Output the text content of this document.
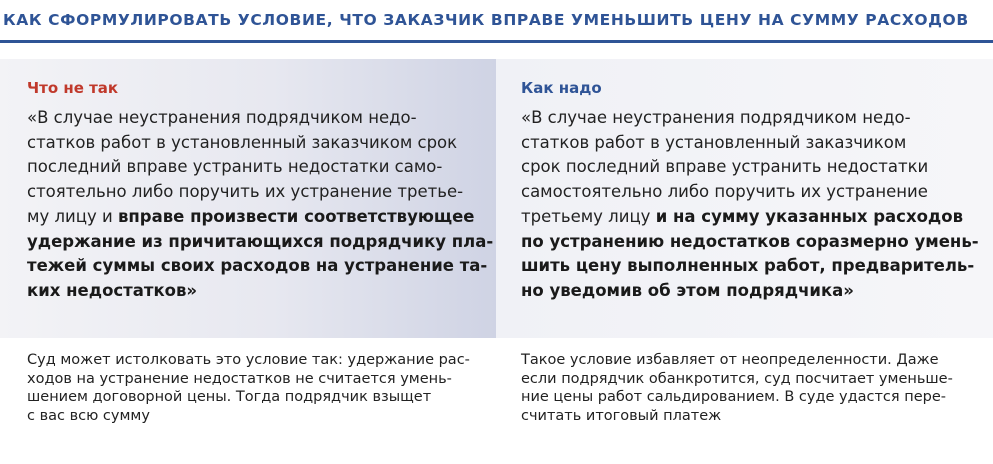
КАК СФОРМУЛИРОВАТЬ УСЛОВИЕ, ЧТО ЗАКАЗЧИК ВПРАВЕ УМЕНЬШИТЬ ЦЕНУ НА СУММУ РАСХОДОВ
Что не так
«В случае неустранения подрядчиком недо-
статков работ в установленный заказчиком срок
последний вправе устранить недостатки само-
стоятельно либо поручить их устранение третье-
му лицу и вправе произвести соответствующее
удержание из причитающихся подрядчику пла-
тежей суммы своих расходов на устранение та-
ких недостатков»
Как надо
«В случае неустранения подрядчиком недо-
статков работ в установленный заказчиком
срок последний вправе устранить недостатки
самостоятельно либо поручить их устранение
третьему лицу и на сумму указанных расходов
по устранению недостатков соразмерно умень-
шить цену выполненных работ, предваритель-
но уведомив об этом подрядчика»
Суд может истолковать это условие так: удержание рас-
ходов на устранение недостатков не считается умень-
шением договорной цены. Тогда подрядчик взыщет
с вас всю сумму
Такое условие избавляет от неопределенности. Даже
если подрядчик обанкротится, суд посчитает уменьше-
ние цены работ сальдированием. В суде удастся пере-
считать итоговый платеж
